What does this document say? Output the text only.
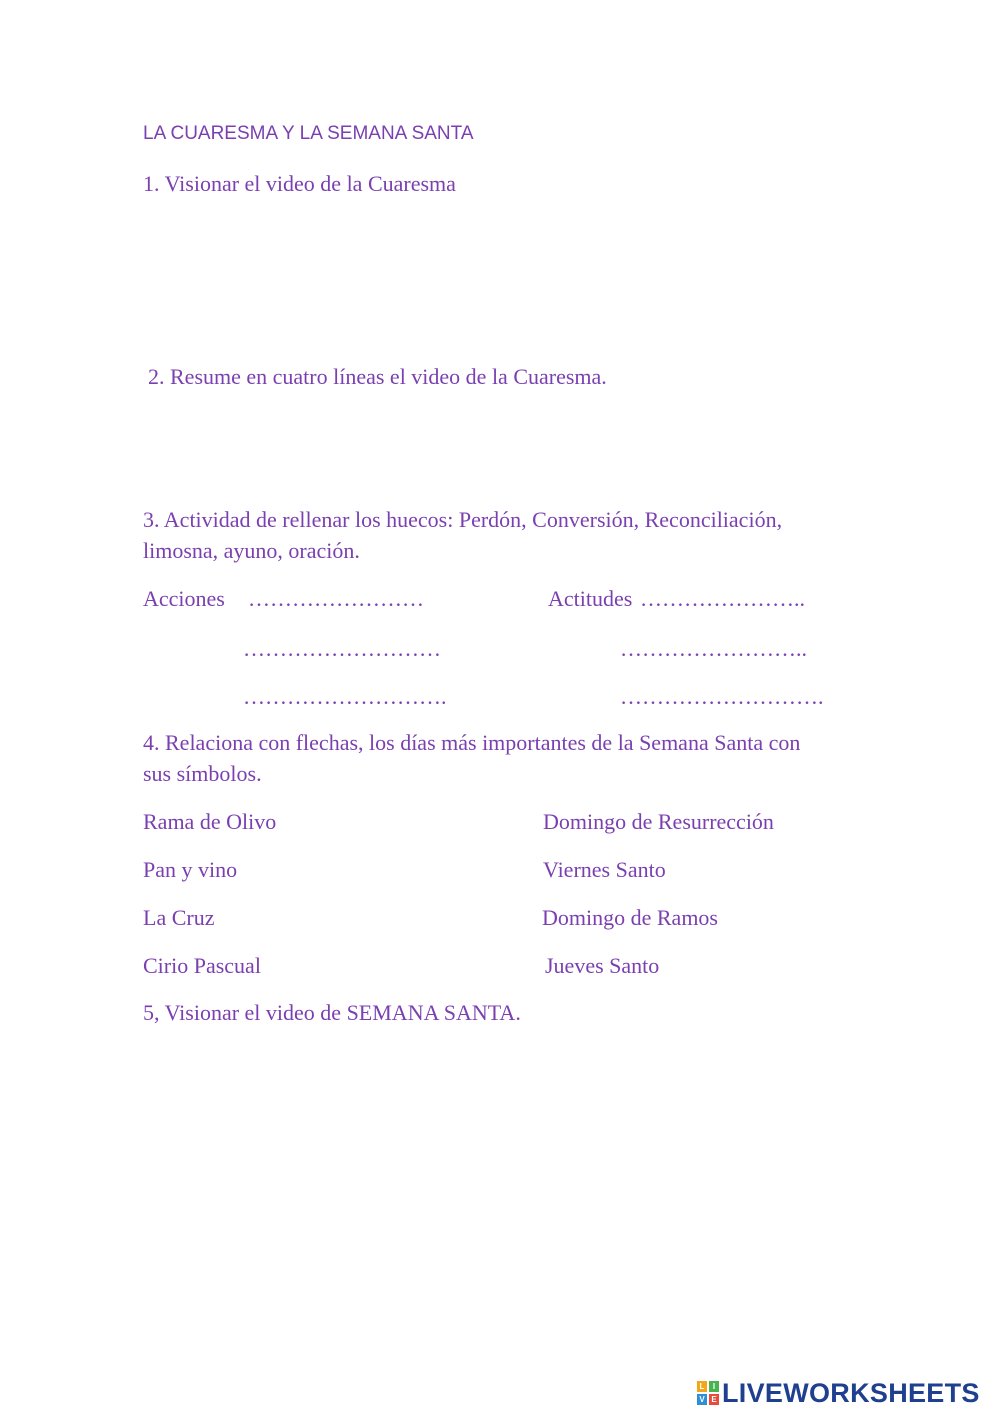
LA CUARESMA Y LA SEMANA SANTA
1. Visionar el video de la Cuaresma
2. Resume en cuatro líneas el video de la Cuaresma.
3. Actividad de rellenar los huecos: Perdón, Conversión, Reconciliación,
limosna, ayuno, oración.
Acciones ……………………
………………………
……………………….
Actitudes …………………..
……………………..
……………………….
4. Relaciona con flechas, los días más importantes de la Semana Santa con
sus símbolos.
Rama de Olivo
Pan y vino
La Cruz
Cirio Pascual
Domingo de Resurrección
Viernes Santo
Domingo de Ramos
Jueves Santo
5, Visionar el video de SEMANA SANTA.
L	I
V E LIVEWORKSHEETS
